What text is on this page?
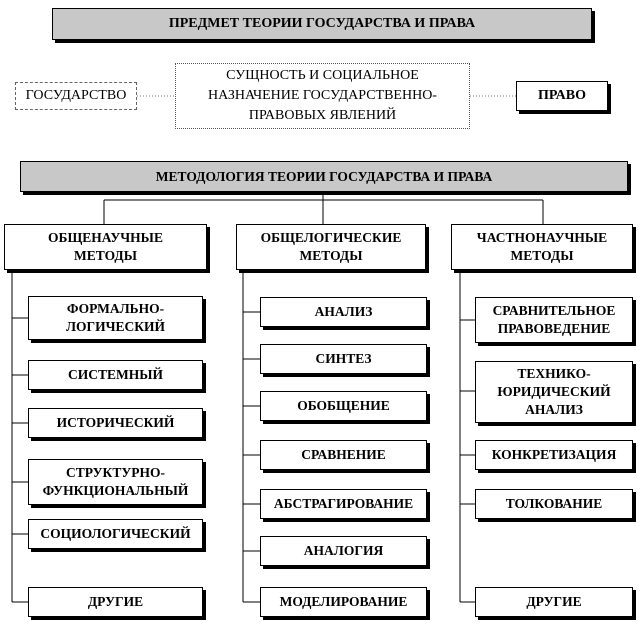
ПРЕДМЕТ ТЕОРИИ ГОСУДАРСТВА И ПРАВА
ГОСУДАРСТВО
СУЩНОСТЬ И СОЦИАЛЬНОЕ
НАЗНАЧЕНИЕ ГОСУДАРСТВЕННО-
ПРАВОВЫХ ЯВЛЕНИЙ
ПРАВО
МЕТОДОЛОГИЯ ТЕОРИИ ГОСУДАРСТВА И ПРАВА
ОБЩЕНАУЧНЫЕ
МЕТОДЫ
ОБЩЕЛОГИЧЕСКИЕ
МЕТОДЫ
ЧАСТНОНАУЧНЫЕ
МЕТОДЫ
ФОРМАЛЬНО-
ЛОГИЧЕСКИЙ
СИСТЕМНЫЙ
ИСТОРИЧЕСКИЙ
СТРУКТУРНО-
ФУНКЦИОНАЛЬНЫЙ
СОЦИОЛОГИЧЕСКИЙ
ДРУГИЕ
АНАЛИЗ
СИНТЕЗ
ОБОБЩЕНИЕ
СРАВНЕНИЕ
АБСТРАГИРОВАНИЕ
АНАЛОГИЯ
МОДЕЛИРОВАНИЕ
СРАВНИТЕЛЬНОЕ
ПРАВОВЕДЕНИЕ
ТЕХНИКО-
ЮРИДИЧЕСКИЙ
АНАЛИЗ
КОНКРЕТИЗАЦИЯ
ТОЛКОВАНИЕ
ДРУГИЕ
